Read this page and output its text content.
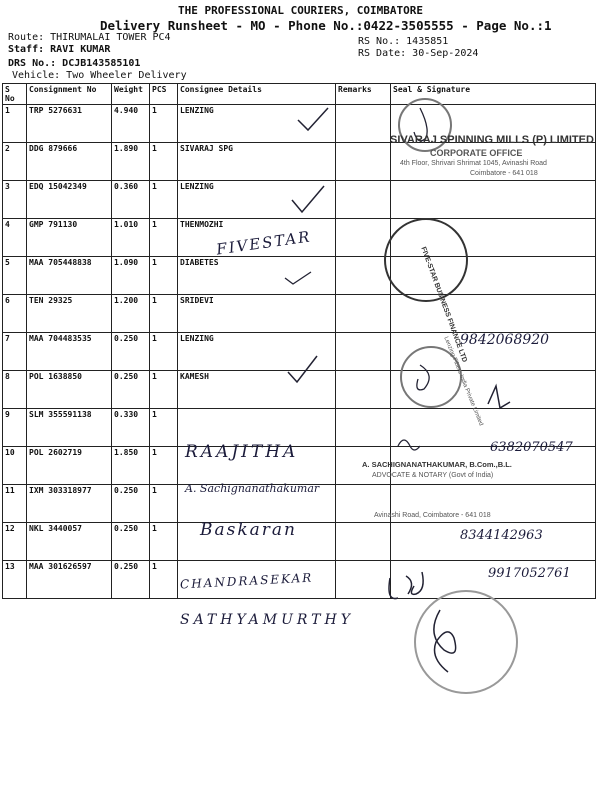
THE PROFESSIONAL COURIERS, COIMBATORE
Delivery Runsheet - MO - Phone No.:0422-3505555 - Page No.:1
Route: THIRUMALAI TOWER PC4
Staff: RAVI KUMAR
DRS No.: DCJB143585101
Vehicle: Two Wheeler Delivery
RS No.: 1435851
RS Date: 30-Sep-2024
S No	Consignment No	Weight	PCS	Consignee Details	Remarks	Seal & Signature
1	TRP 5276631	4.940	1	LENZING		
2	DDG 879666	1.890	1	SIVARAJ SPG		
3	EDQ 15042349	0.360	1	LENZING		
4	GMP 791130	1.010	1	THENMOZHI		
5	MAA 705448838	1.090	1	DIABETES		
6	TEN 29325	1.200	1	SRIDEVI		
7	MAA 704483535	0.250	1	LENZING		
8	POL 1638850	0.250	1	KAMESH		
9	SLM 355591138	0.330	1			
10	POL 2602719	1.850	1			
11	IXM 303318977	0.250	1			
12	NKL 3440057	0.250	1			
13	MAA 301626597	0.250	1			
FIVESTAR
9842068920
RAAJITHA	6382070547
A. Sachignanathakumar
Baskaran	8344142963
CHANDRASEKAR	9917052761
SATHYAMURTHY
SIVARAJ SPINNING MILLS (P) LIMITED
CORPORATE OFFICE
4th Floor, Shrivari Shrimat 1045, Avinashi Road
Coimbatore - 641 018
FIVE-STAR BUSINESS FINANCE LTD
Lenzing Fibers India Private Limited
A. SACHIGNANATHAKUMAR, B.Com.,B.L.
ADVOCATE & NOTARY (Govt of India)
Avinashi Road, Coimbatore - 641 018
